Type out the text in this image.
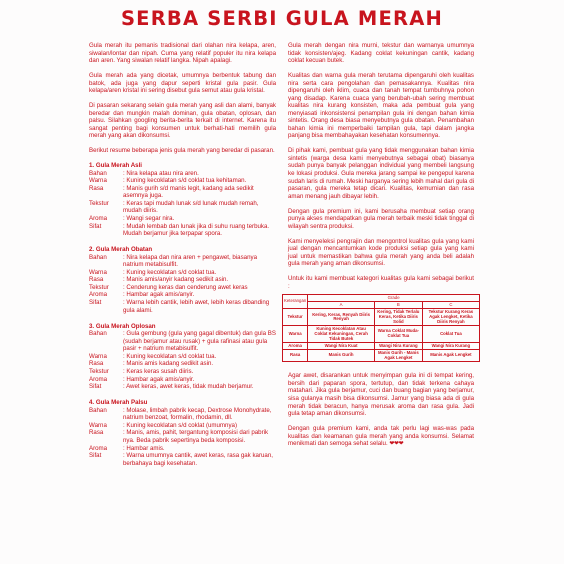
SERBA SERBI GULA MERAH

Gula merah itu pemanis tradisional dari olahan nira kelapa, aren, siwalan/lontar dan nipah. Cuma yang relatif populer itu nira kelapa dan aren. Yang siwalan relatif langka. Nipah apalagi.

Gula merah ada yang dicetak, umumnya berbentuk tabung dan batok, ada juga yang dapur seperti kristal gula pasir. Gula kelapa/aren kristal ini sering disebut gula semut atau gula kristal.

Di pasaran sekarang selain gula merah yang asli dan alami, banyak beredar dan mungkin malah dominan, gula obatan, oplosan, dan palsu. Silahkan googling berita-berita terkait di internet. Karena itu sangat penting bagi konsumen untuk berhati-hati memilih gula merah yang akan dikonsumsi.

Berikut resume beberapa jenis gula merah yang beredar di pasaran.

1. Gula Merah Asli
Bahan	: Nira kelapa atau nira aren.
Warna	: Kuning kecoklatan s/d coklat tua kehitaman.
Rasa	: Manis gurih s/d manis legit, kadang ada sedikit asemnya juga.
Tekstur	: Keras tapi mudah lunak s/d lunak mudah remah, mudah diiris.
Aroma	: Wangi segar nira.
Sifat	: Mudah lembab dan lunak jika di suhu ruang terbuka. Mudah berjamur jika terpapar spora.
2. Gula Merah Obatan
Bahan	: Nira kelapa dan nira aren + pengawet, biasanya natrium metabisulfit.
Warna	: Kuning kecoklatan s/d coklat tua.
Rasa	: Manis amis/anyir kadang sedikit asin.
Tekstur	: Cenderung keras dan cenderung awet keras
Aroma	: Hambar agak amis/anyir.
Sifat	: Warna lebih cantik, lebih awet, lebih keras dibanding gula alami.
3. Gula Merah Oplosan
Bahan	: Gula gembung (gula yang gagal dibentuk) dan gula BS (sudah berjamur atau rusak) + gula rafinasi atau gula pasir + natrium metabisulfit.
Warna	: Kuning kecoklatan s/d coklat tua.
Rasa	: Manis amis kadang sedikit asin.
Tekstur	: Keras keras susah diiris.
Aroma	: Hambar agak amis/anyir.
Sifat	: Awet keras, awet keras, tidak mudah berjamur.
4. Gula Merah Palsu
Bahan	: Molase, limbah pabrik kecap, Dextrose Monohydrate, natrium benzoat, formalin, rhodamin, dll.
Warna	: Kuning kecoklatan s/d coklat (umumnya)
Rasa	: Manis, amis, pahit, tergantung komposisi dari pabrik nya. Beda pabrik sepertinya beda komposisi.
Aroma	: Hambar amis.
Sifat	: Warna umumnya cantik, awet keras, rasa gak karuan, berbahaya bagi kesehatan.

Gula merah dengan nira murni, tekstur dan warnanya umumnya tidak konsisten/ajeg. Kadang coklat kekuningan cantik, kadang coklat kecuan butek.

Kualitas dan warna gula merah terutama dipengaruhi oleh kualitas nira serta cara pengolahan dan pemasakannya. Kualitas nira dipengaruhi oleh iklim, cuaca dan tanah tempat tumbuhnya pohon yang disadap. Karena cuaca yang berubah-ubah sering membuat kualitas nira kurang konsisten, maka ada pembuat gula yang menyiasati inkonsistensi penampilan gula ini dengan bahan kimia sintetis. Orang desa biasa menyebutnya gula obatan. Penambahan bahan kimia ini memperbaiki tampilan gula, tapi dalam jangka panjang bisa membahayakan kesehatan konsumennya.

Di pihak kami, pembuat gula yang tidak menggunakan bahan kimia sintetis (warga desa kami menyebutnya sebagai obat) biasanya sudah punya banyak pelanggan individual yang membeli langsung ke lokasi produksi. Gula mereka jarang sampai ke pengepul karena sudah laris di rumah. Meski harganya sering lebih mahal dari gula di pasaran, gula mereka tetap dicari. Kualitas, kemurnian dan rasa aman menang jauh dibayar lebih.

Dengan gula premium ini, kami berusaha membuat setiap orang punya akses mendapatkan gula merah terbaik meski tidak tinggal di wilayah sentra produksi.

Kami menyeleksi pengrajin dan mengontrol kualitas gula yang kami jual dengan mencantumkan kode produksi setiap gula yang kami jual untuk memastikan bahwa gula merah yang anda beli adalah gula merah yang aman dikonsumsi.

Untuk itu kami membuat kategori kualitas gula kami sebagai berikut :

Keterangan	Grade		
	A	B	C
Tekstur	Kering, Keras, Renyah Diiris Renyah	Kering, Tidak Terlalu Keras, Ketika Diiris Solid	Tekstur Kurang Keras Agak Lengket, Ketika Diiris Renyah
Warna	Kuning Kecoklatan Atau Coklat Kekuningan, Cerah Tidak Butek	Warna Coklat Muda-Coklat Tua	Coklat Tua
Aroma	Wangi Nira Kuat	Wangi Nira Kurang	Wangi Nira Kurang
Rasa	Manis Gurih	Manis Gurih - Manis Agak Lengket	Manis Agak Lengket

Agar awet, disarankan untuk menyimpan gula ini di tempat kering, bersih dari paparan spora, tertutup, dan tidak terkena cahaya matahari. Jika gula berjamur, cuci dan buang bagian yang berjamur, sisa gulanya masih bisa dikonsumsi. Jamur yang biasa ada di gula merah tidak beracun, hanya merusak aroma dan rasa gula. Jadi gula tetap aman dikonsumsi.

Dengan gula premium kami, anda tak perlu lagi was-was pada kualitas dan keamanan gula merah yang anda konsumsi. Selamat menikmati dan semoga sehat selalu. ❤❤❤
